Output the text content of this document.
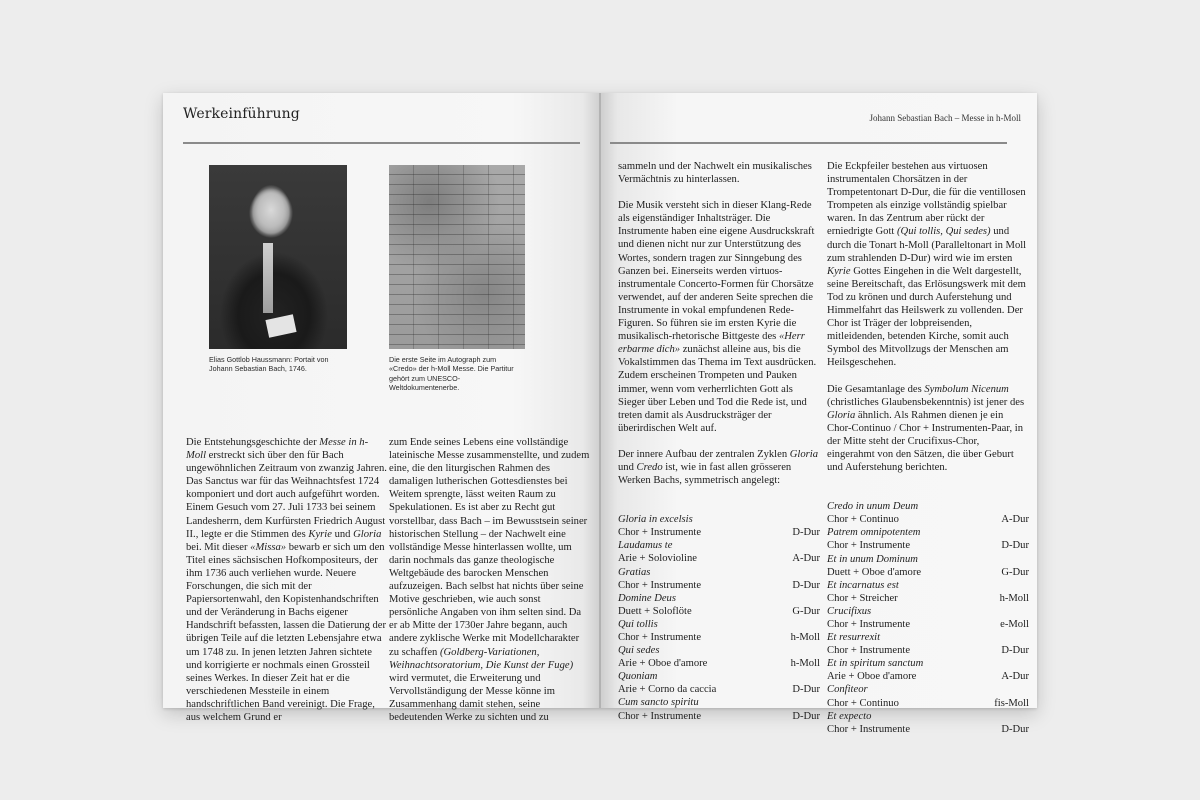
Werkeinführung
Elias Gottlob Haussmann: Portait von Johann Sebastian Bach, 1746.
Die erste Seite im Autograph zum «Credo» der h-Moll Messe. Die Partitur gehört zum UNESCO-Weltdokumentenerbe.

Die Entstehungsgeschichte der Messe in h-Moll erstreckt sich über den für Bach ungewöhnlichen Zeitraum von zwanzig Jahren. Das Sanctus war für das Weihnachtsfest 1724 komponiert und dort auch aufgeführt worden. Einem Gesuch vom 27. Juli 1733 bei seinem Landesherrn, dem Kurfürsten Friedrich August II., legte er die Stimmen des Kyrie und Gloria bei. Mit dieser «Missa» bewarb er sich um den Titel eines sächsischen Hofkompositeurs, der ihm 1736 auch verliehen wurde. Neuere Forschungen, die sich mit der Papiersortenwahl, den Kopistenhandschriften und der Veränderung in Bachs eigener Handschrift befassten, lassen die Datierung der übrigen Teile auf die letzten Lebensjahre etwa um 1748 zu. In jenen letzten Jahren sichtete und korrigierte er nochmals einen Grossteil seines Werkes. In dieser Zeit hat er die verschiedenen Messteile in einem handschriftlichen Band vereinigt. Die Frage, aus welchem Grund er

zum Ende seines Lebens eine vollständige lateinische Messe zusammenstellte, und zudem eine, die den liturgischen Rahmen des damaligen lutherischen Gottesdienstes bei Weitem sprengte, lässt weiten Raum zu Spekulationen. Es ist aber zu Recht gut vorstellbar, dass Bach – im Bewusstsein seiner historischen Stellung – der Nachwelt eine vollständige Messe hinterlassen wollte, um darin nochmals das ganze theologische Weltgebäude des barocken Menschen aufzuzeigen. Bach selbst hat nichts über seine Motive geschrieben, wie auch sonst persönliche Angaben von ihm selten sind. Da er ab Mitte der 1730er Jahre begann, auch andere zyklische Werke mit Modellcharakter zu schaffen (Goldberg-Variationen, Weihnachtsoratorium, Die Kunst der Fuge) wird vermutet, die Erweiterung und Vervollständigung der Messe könne im Zusammenhang damit stehen, seine bedeutenden Werke zu sichten und zu

Johann Sebastian Bach – Messe in h-Moll

sammeln und der Nachwelt ein musikalisches Vermächtnis zu hinterlassen.

Die Musik versteht sich in dieser Klang-Rede als eigenständiger Inhaltsträger. Die Instrumente haben eine eigene Ausdruckskraft und dienen nicht nur zur Unterstützung des Wortes, sondern tragen zur Sinngebung des Ganzen bei. Einerseits werden virtuos-instrumentale Concerto-Formen für Chorsätze verwendet, auf der anderen Seite sprechen die Instrumente in vokal empfundenen Rede-Figuren. So führen sie im ersten Kyrie die musikalisch-rhetorische Bittgeste des «Herr erbarme dich» zunächst alleine aus, bis die Vokalstimmen das Thema im Text ausdrücken. Zudem erscheinen Trompeten und Pauken immer, wenn vom verherrlichten Gott als Sieger über Leben und Tod die Rede ist, und treten damit als Ausdrucksträger der überirdischen Welt auf.

Der innere Aufbau der zentralen Zyklen Gloria und Credo ist, wie in fast allen grösseren Werken Bachs, symmetrisch angelegt:

Gloria in excelsis
Chor + Instrumente	D-Dur
Laudamus te
Arie + Solovioline	A-Dur
Gratias
Chor + Instrumente	D-Dur
Domine Deus
Duett + Soloflöte	G-Dur
Qui tollis
Chor + Instrumente	h-Moll
Qui sedes
Arie + Oboe d'amore	h-Moll
Quoniam
Arie + Corno da caccia	D-Dur
Cum sancto spiritu
Chor + Instrumente	D-Dur

Die Eckpfeiler bestehen aus virtuosen instrumentalen Chorsätzen in der Trompetentonart D-Dur, die für die ventillosen Trompeten als einzige vollständig spielbar waren. In das Zentrum aber rückt der erniedrigte Gott (Qui tollis, Qui sedes) und durch die Tonart h-Moll (Paralleltonart in Moll zum strahlenden D-Dur) wird wie im ersten Kyrie Gottes Eingehen in die Welt dargestellt, seine Bereitschaft, das Erlösungswerk mit dem Tod zu krönen und durch Auferstehung und Himmelfahrt das Heilswerk zu vollenden. Der Chor ist Träger der lobpreisenden, mitleidenden, betenden Kirche, somit auch Symbol des Mitvollzugs der Menschen am Heilsgeschehen.

Die Gesamtanlage des Symbolum Nicenum (christliches Glaubensbekenntnis) ist jener des Gloria ähnlich. Als Rahmen dienen je ein Chor-Continuo / Chor + Instrumenten-Paar, in der Mitte steht der Crucifixus-Chor, eingerahmt von den Sätzen, die über Geburt und Auferstehung berichten.

Credo in unum Deum
Chor + Continuo	A-Dur
Patrem omnipotentem
Chor + Instrumente	D-Dur
Et in unum Dominum
Duett + Oboe d'amore	G-Dur
Et incarnatus est
Chor + Streicher	h-Moll
Crucifixus
Chor + Instrumente	e-Moll
Et resurrexit
Chor + Instrumente	D-Dur
Et in spiritum sanctum
Arie + Oboe d'amore	A-Dur
Confiteor
Chor + Continuo	fis-Moll
Et expecto
Chor + Instrumente	D-Dur
